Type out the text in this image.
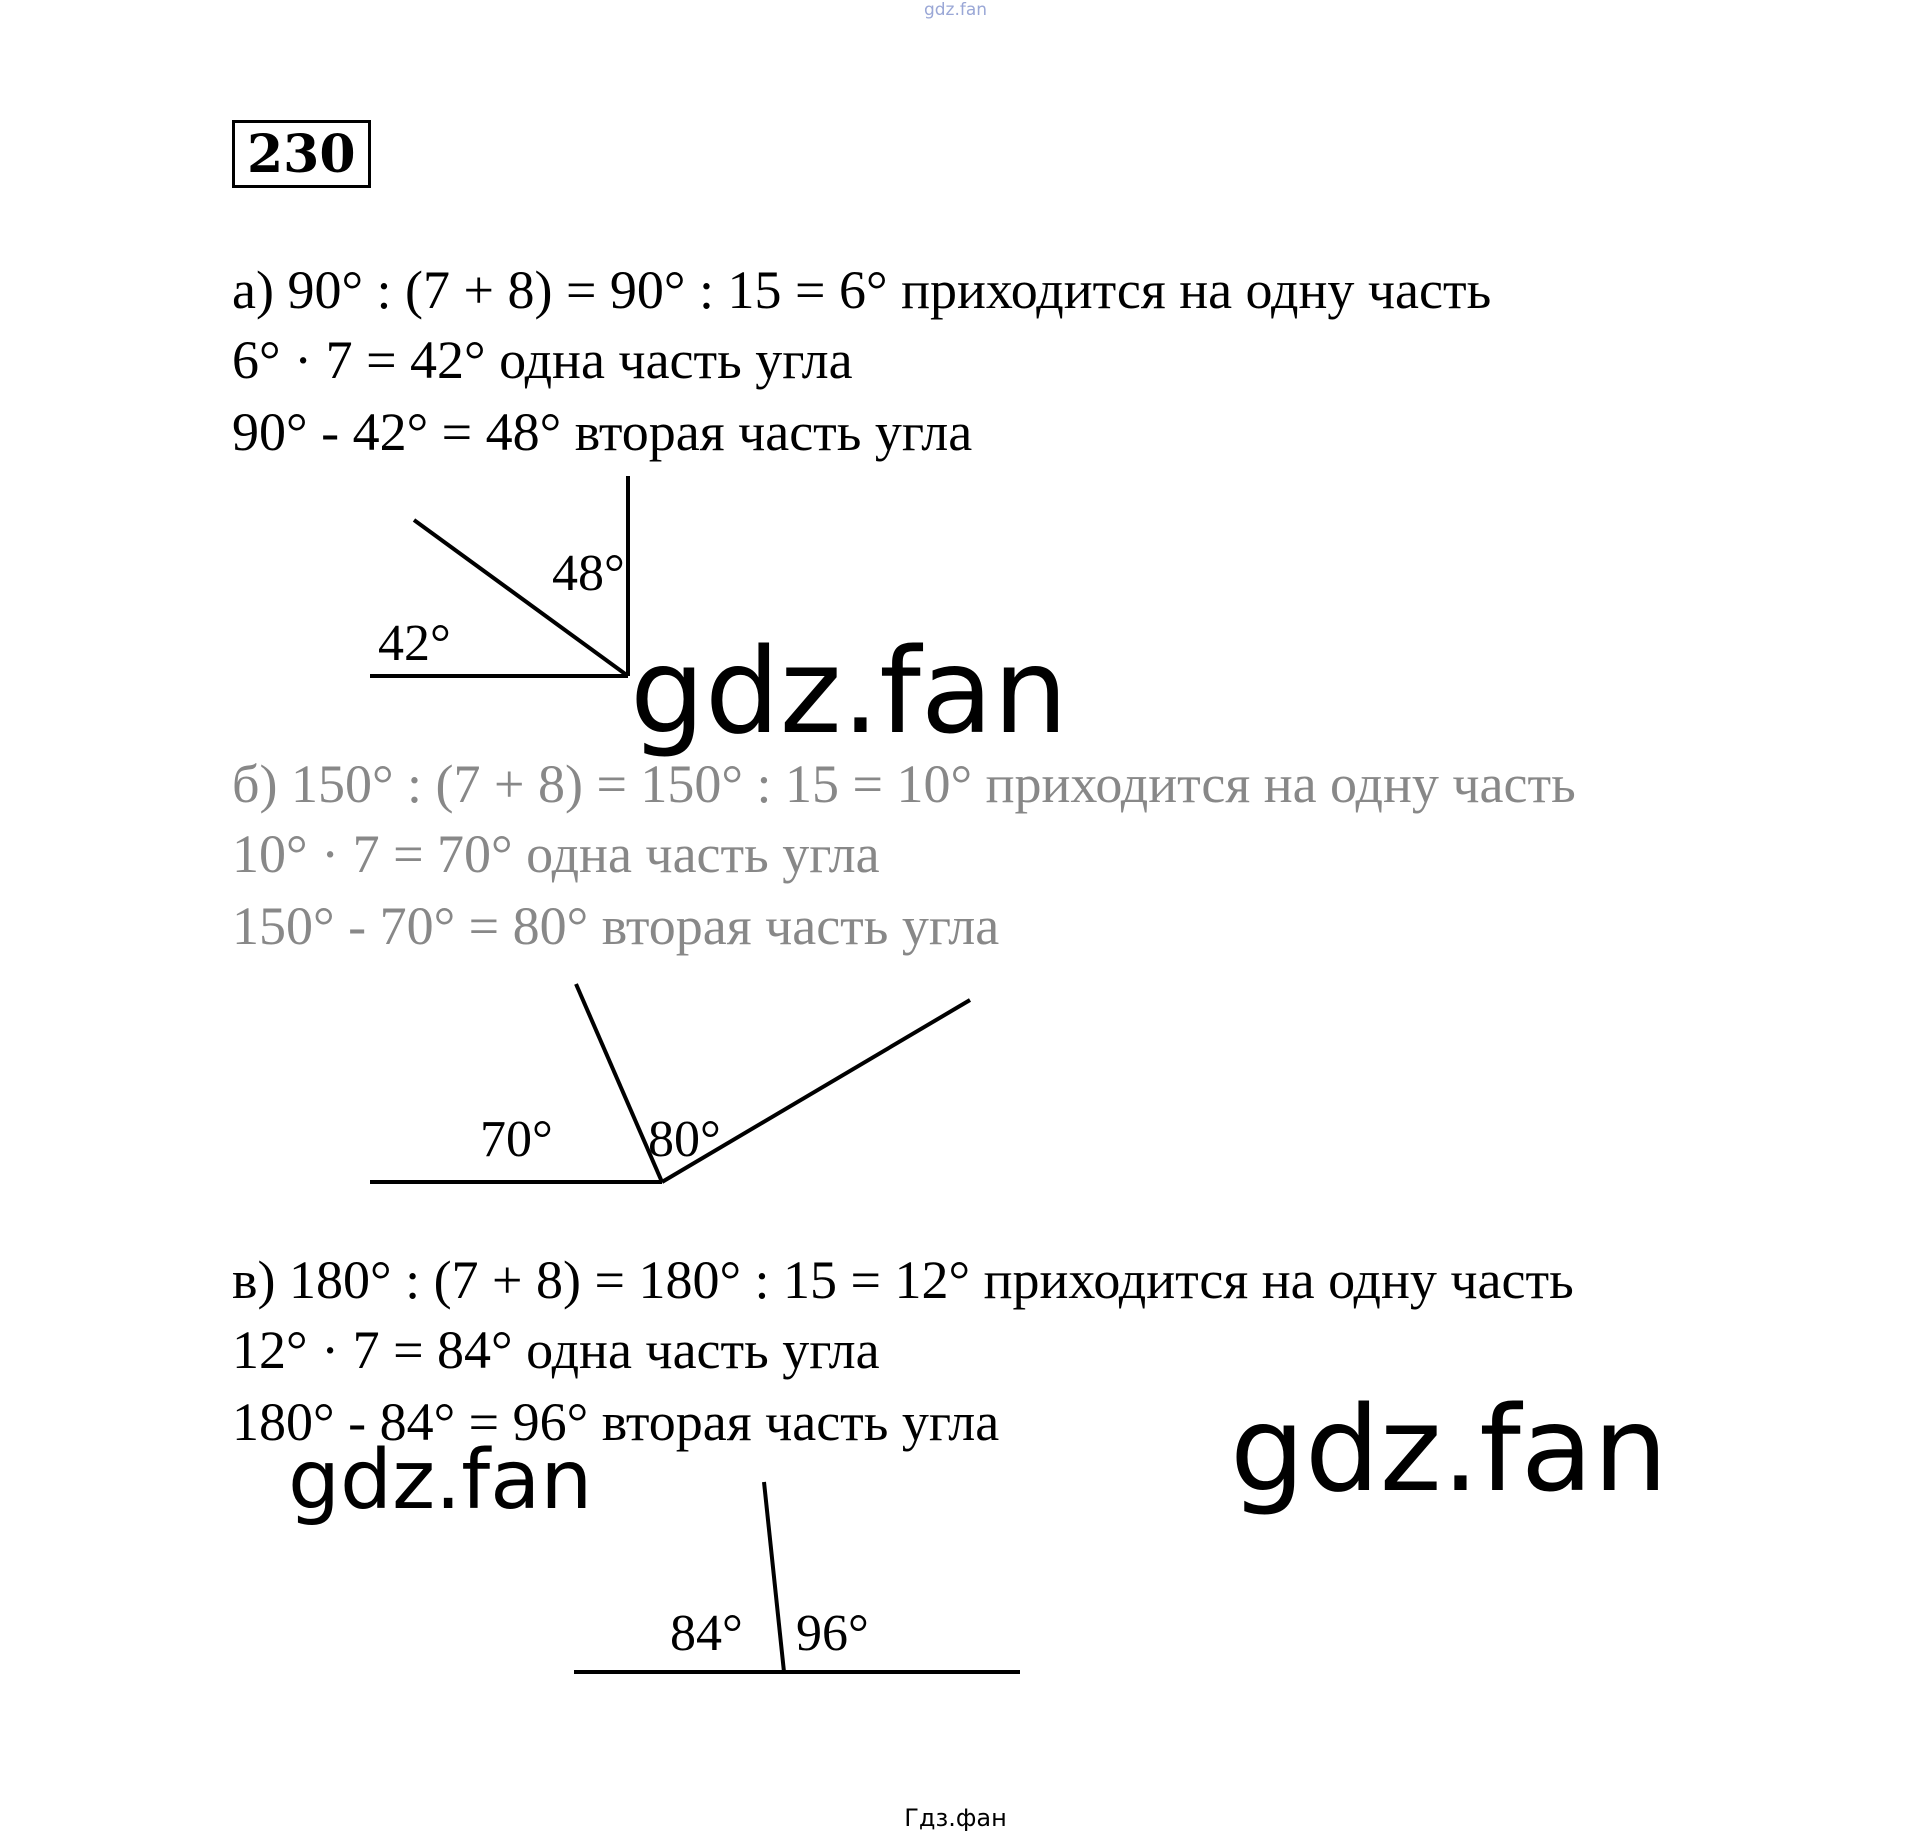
gdz.fan
230
а) 90° : (7 + 8) = 90° : 15 = 6° приходится на одну часть
6° · 7 = 42° одна часть угла
90° - 42° = 48° вторая часть угла
42°
48°
70° 80°
84° 96°
б) 150° : (7 + 8) = 150° : 15 = 10° приходится на одну часть
10° · 7 = 70° одна часть угла
150° - 70° = 80° вторая часть угла
в) 180° : (7 + 8) = 180° : 15 = 12° приходится на одну часть
12° · 7 = 84° одна часть угла
180° - 84° = 96° вторая часть угла
gdz.fan
gdz.fan	gdz.fan
Гдз.фан
